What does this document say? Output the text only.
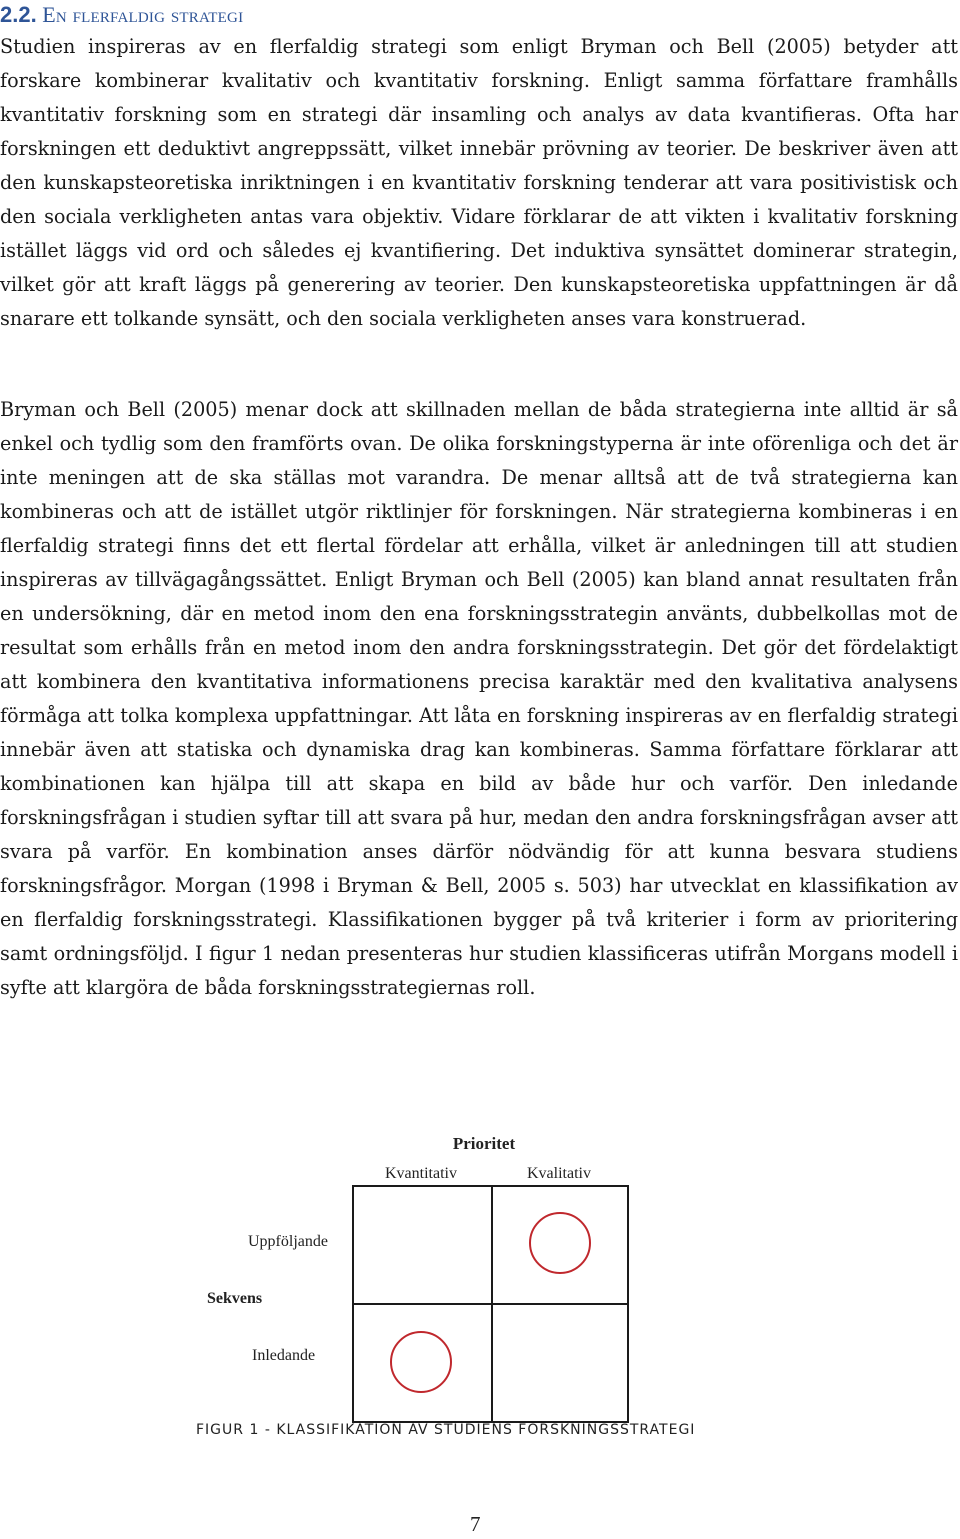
2.2. En flerfaldig strategi

Studien inspireras av en flerfaldig strategi som enligt Bryman och Bell (2005) betyder att forskare kombinerar kvalitativ och kvantitativ forskning. Enligt samma författare framhålls kvantitativ forskning som en strategi där insamling och analys av data kvantifieras. Ofta har forskningen ett deduktivt angreppssätt, vilket innebär prövning av teorier. De beskriver även att den kunskapsteoretiska inriktningen i en kvantitativ forskning tenderar att vara positivistisk och den sociala verkligheten antas vara objektiv. Vidare förklarar de att vikten i kvalitativ forskning istället läggs vid ord och således ej kvantifiering. Det induktiva synsättet dominerar strategin, vilket gör att kraft läggs på generering av teorier. Den kunskapsteoretiska uppfattningen är då snarare ett tolkande synsätt, och den sociala verkligheten anses vara konstruerad.

Bryman och Bell (2005) menar dock att skillnaden mellan de båda strategierna inte alltid är så enkel och tydlig som den framförts ovan. De olika forskningstyperna är inte oförenliga och det är inte meningen att de ska ställas mot varandra. De menar alltså att de två strategierna kan kombineras och att de istället utgör riktlinjer för forskningen. När strategierna kombineras i en flerfaldig strategi finns det ett flertal fördelar att erhålla, vilket är anledningen till att studien inspireras av tillvägagångssättet. Enligt Bryman och Bell (2005) kan bland annat resultaten från en undersökning, där en metod inom den ena forskningsstrategin använts, dubbelkollas mot de resultat som erhålls från en metod inom den andra forskningsstrategin. Det gör det fördelaktigt att kombinera den kvantitativa informationens precisa karaktär med den kvalitativa analysens förmåga att tolka komplexa uppfattningar. Att låta en forskning inspireras av en flerfaldig strategi innebär även att statiska och dynamiska drag kan kombineras. Samma författare förklarar att kombinationen kan hjälpa till att skapa en bild av både hur och varför. Den inledande forskningsfrågan i studien syftar till att svara på hur, medan den andra forskningsfrågan avser att svara på varför. En kombination anses därför nödvändig för att kunna besvara studiens forskningsfrågor. Morgan (1998 i Bryman & Bell, 2005 s. 503) har utvecklat en klassifikation av en flerfaldig forskningsstrategi. Klassifikationen bygger på två kriterier i form av prioritering samt ordningsföljd. I figur 1 nedan presenteras hur studien klassificeras utifrån Morgans modell i syfte att klargöra de båda forskningsstrategiernas roll.

Prioritet
Kvantitativ	Kvalitativ
Uppföljande
Sekvens
Inledande

FIGUR 1 - KLASSIFIKATION AV STUDIENS FORSKNINGSSTRATEGI

7
